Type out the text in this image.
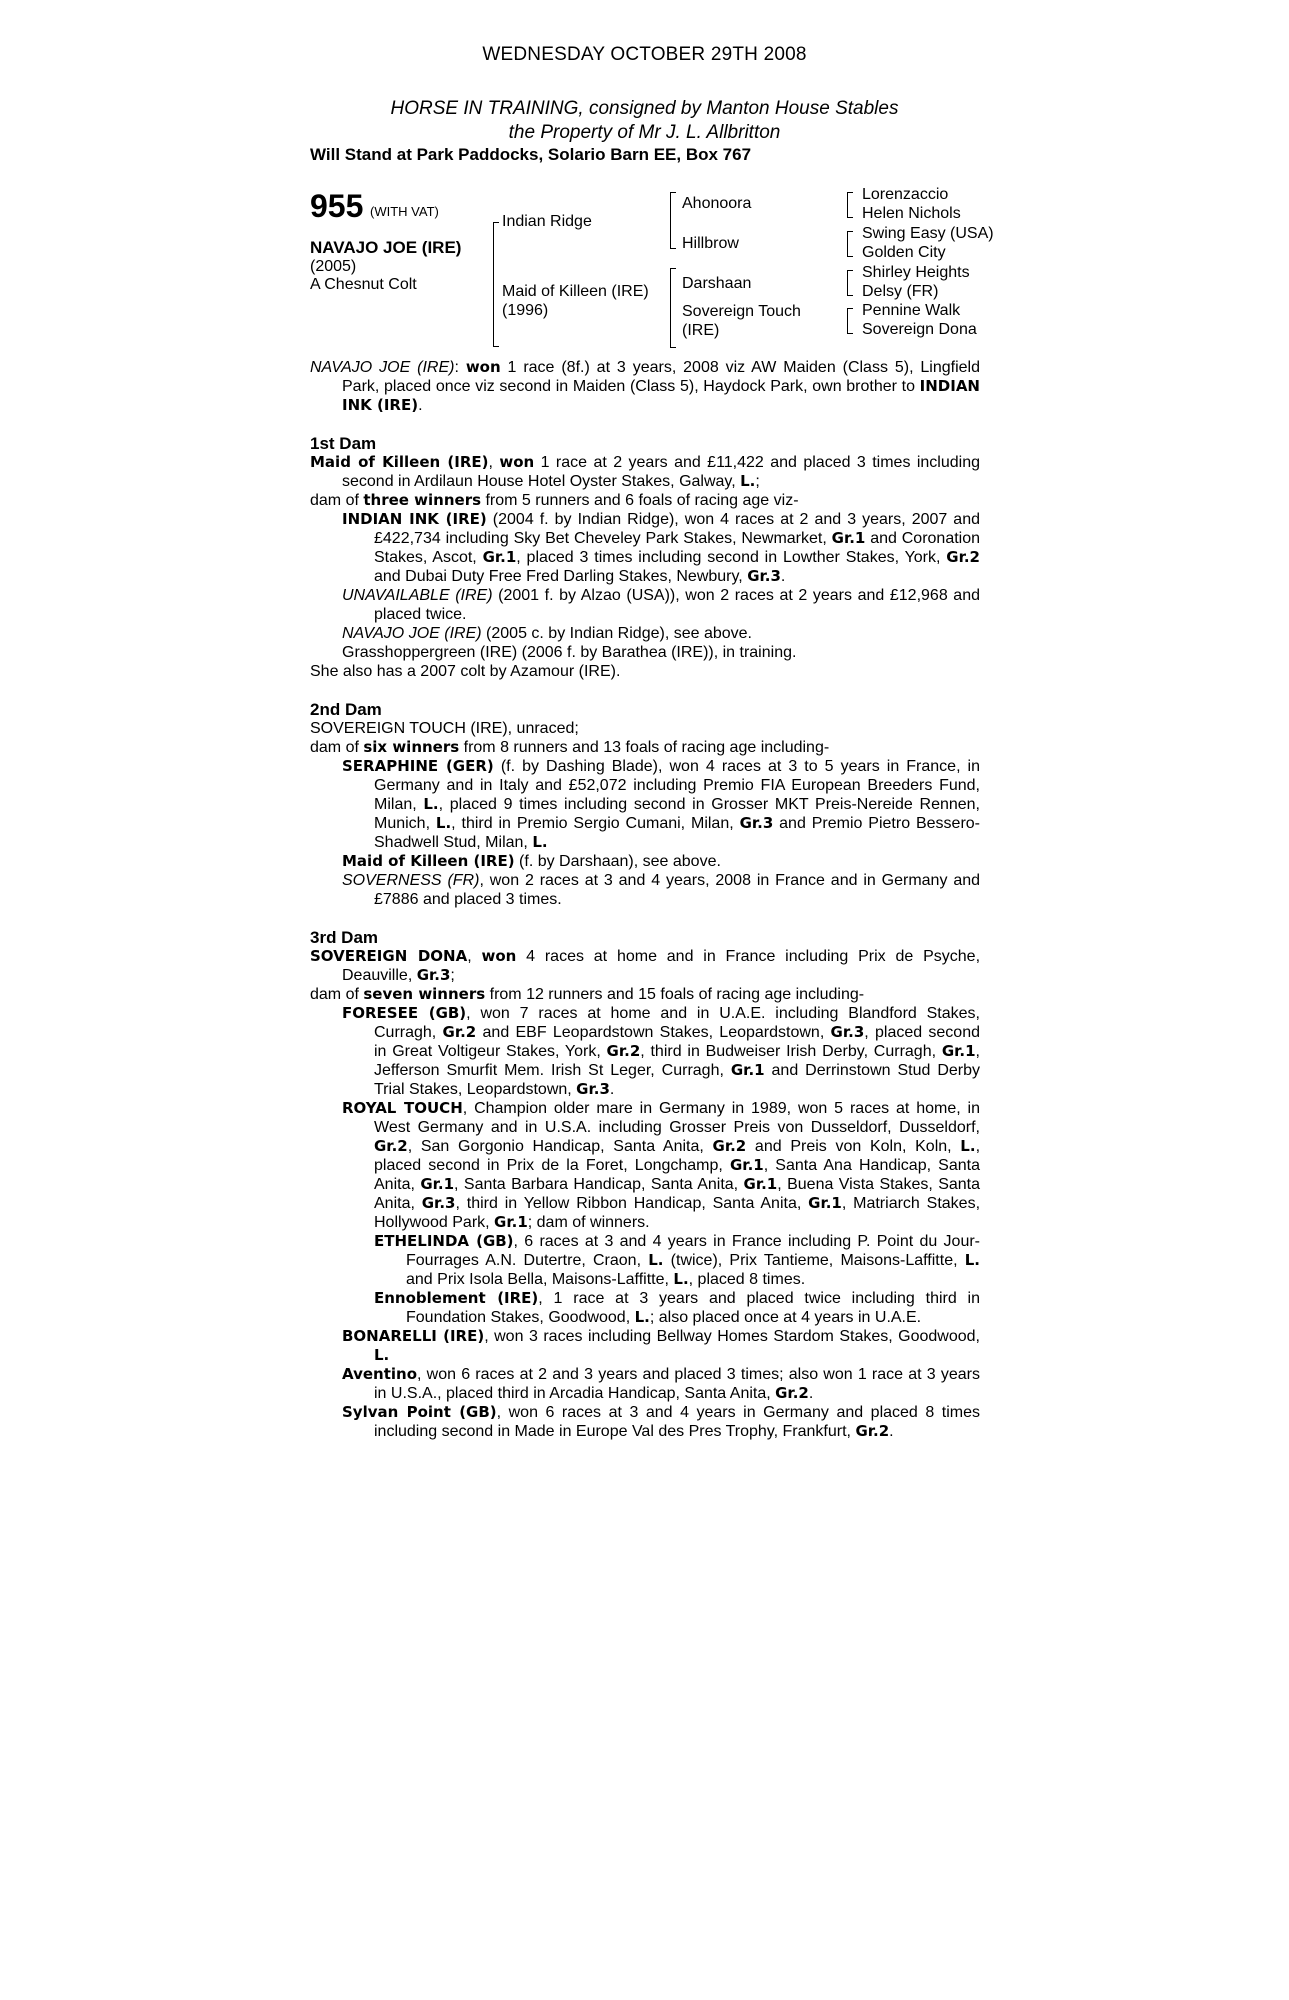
WEDNESDAY OCTOBER 29TH 2008
HORSE IN TRAINING, consigned by Manton House Stables
the Property of Mr J. L. Allbritton
Will Stand at Park Paddocks, Solario Barn EE, Box 767
955 (WITH VAT)
NAVAJO JOE (IRE)
(2005)
A Chesnut Colt
Indian Ridge
Maid of Killeen (IRE)
(1996)
Ahonoora
Hillbrow
Darshaan
Sovereign Touch
(IRE)
Lorenzaccio
Helen Nichols
Swing Easy (USA)
Golden City
Shirley Heights
Delsy (FR)
Pennine Walk
Sovereign Dona

NAVAJO JOE (IRE): won 1 race (8f.) at 3 years, 2008 viz AW Maiden (Class 5), Lingfield Park, placed once viz second in Maiden (Class 5), Haydock Park, own brother to INDIAN INK (IRE).

1st Dam

Maid of Killeen (IRE), won 1 race at 2 years and £11,422 and placed 3 times including second in Ardilaun House Hotel Oyster Stakes, Galway, L.;

dam of three winners from 5 runners and 6 foals of racing age viz-

INDIAN INK (IRE) (2004 f. by Indian Ridge), won 4 races at 2 and 3 years, 2007 and £422,734 including Sky Bet Cheveley Park Stakes, Newmarket, Gr.1 and Coronation Stakes, Ascot, Gr.1, placed 3 times including second in Lowther Stakes, York, Gr.2 and Dubai Duty Free Fred Darling Stakes, Newbury, Gr.3.

UNAVAILABLE (IRE) (2001 f. by Alzao (USA)), won 2 races at 2 years and £12,968 and placed twice.

NAVAJO JOE (IRE) (2005 c. by Indian Ridge), see above.

Grasshoppergreen (IRE) (2006 f. by Barathea (IRE)), in training.

She also has a 2007 colt by Azamour (IRE).

2nd Dam

SOVEREIGN TOUCH (IRE), unraced;

dam of six winners from 8 runners and 13 foals of racing age including-

SERAPHINE (GER) (f. by Dashing Blade), won 4 races at 3 to 5 years in France, in Germany and in Italy and £52,072 including Premio FIA European Breeders Fund, Milan, L., placed 9 times including second in Grosser MKT Preis-Nereide Rennen, Munich, L., third in Premio Sergio Cumani, Milan, Gr.3 and Premio Pietro Bessero-Shadwell Stud, Milan, L.

Maid of Killeen (IRE) (f. by Darshaan), see above.

SOVERNESS (FR), won 2 races at 3 and 4 years, 2008 in France and in Germany and £7886 and placed 3 times.

3rd Dam

SOVEREIGN DONA, won 4 races at home and in France including Prix de Psyche, Deauville, Gr.3;

dam of seven winners from 12 runners and 15 foals of racing age including-

FORESEE (GB), won 7 races at home and in U.A.E. including Blandford Stakes, Curragh, Gr.2 and EBF Leopardstown Stakes, Leopardstown, Gr.3, placed second in Great Voltigeur Stakes, York, Gr.2, third in Budweiser Irish Derby, Curragh, Gr.1, Jefferson Smurfit Mem. Irish St Leger, Curragh, Gr.1 and Derrinstown Stud Derby Trial Stakes, Leopardstown, Gr.3.

ROYAL TOUCH, Champion older mare in Germany in 1989, won 5 races at home, in West Germany and in U.S.A. including Grosser Preis von Dusseldorf, Dusseldorf, Gr.2, San Gorgonio Handicap, Santa Anita, Gr.2 and Preis von Koln, Koln, L., placed second in Prix de la Foret, Longchamp, Gr.1, Santa Ana Handicap, Santa Anita, Gr.1, Santa Barbara Handicap, Santa Anita, Gr.1, Buena Vista Stakes, Santa Anita, Gr.3, third in Yellow Ribbon Handicap, Santa Anita, Gr.1, Matriarch Stakes, Hollywood Park, Gr.1; dam of winners.

ETHELINDA (GB), 6 races at 3 and 4 years in France including P. Point du Jour-Fourrages A.N. Dutertre, Craon, L. (twice), Prix Tantieme, Maisons-Laffitte, L. and Prix Isola Bella, Maisons-Laffitte, L., placed 8 times.

Ennoblement (IRE), 1 race at 3 years and placed twice including third in Foundation Stakes, Goodwood, L.; also placed once at 4 years in U.A.E.

BONARELLI (IRE), won 3 races including Bellway Homes Stardom Stakes, Goodwood, L.

Aventino, won 6 races at 2 and 3 years and placed 3 times; also won 1 race at 3 years in U.S.A., placed third in Arcadia Handicap, Santa Anita, Gr.2.

Sylvan Point (GB), won 6 races at 3 and 4 years in Germany and placed 8 times including second in Made in Europe Val des Pres Trophy, Frankfurt, Gr.2.
